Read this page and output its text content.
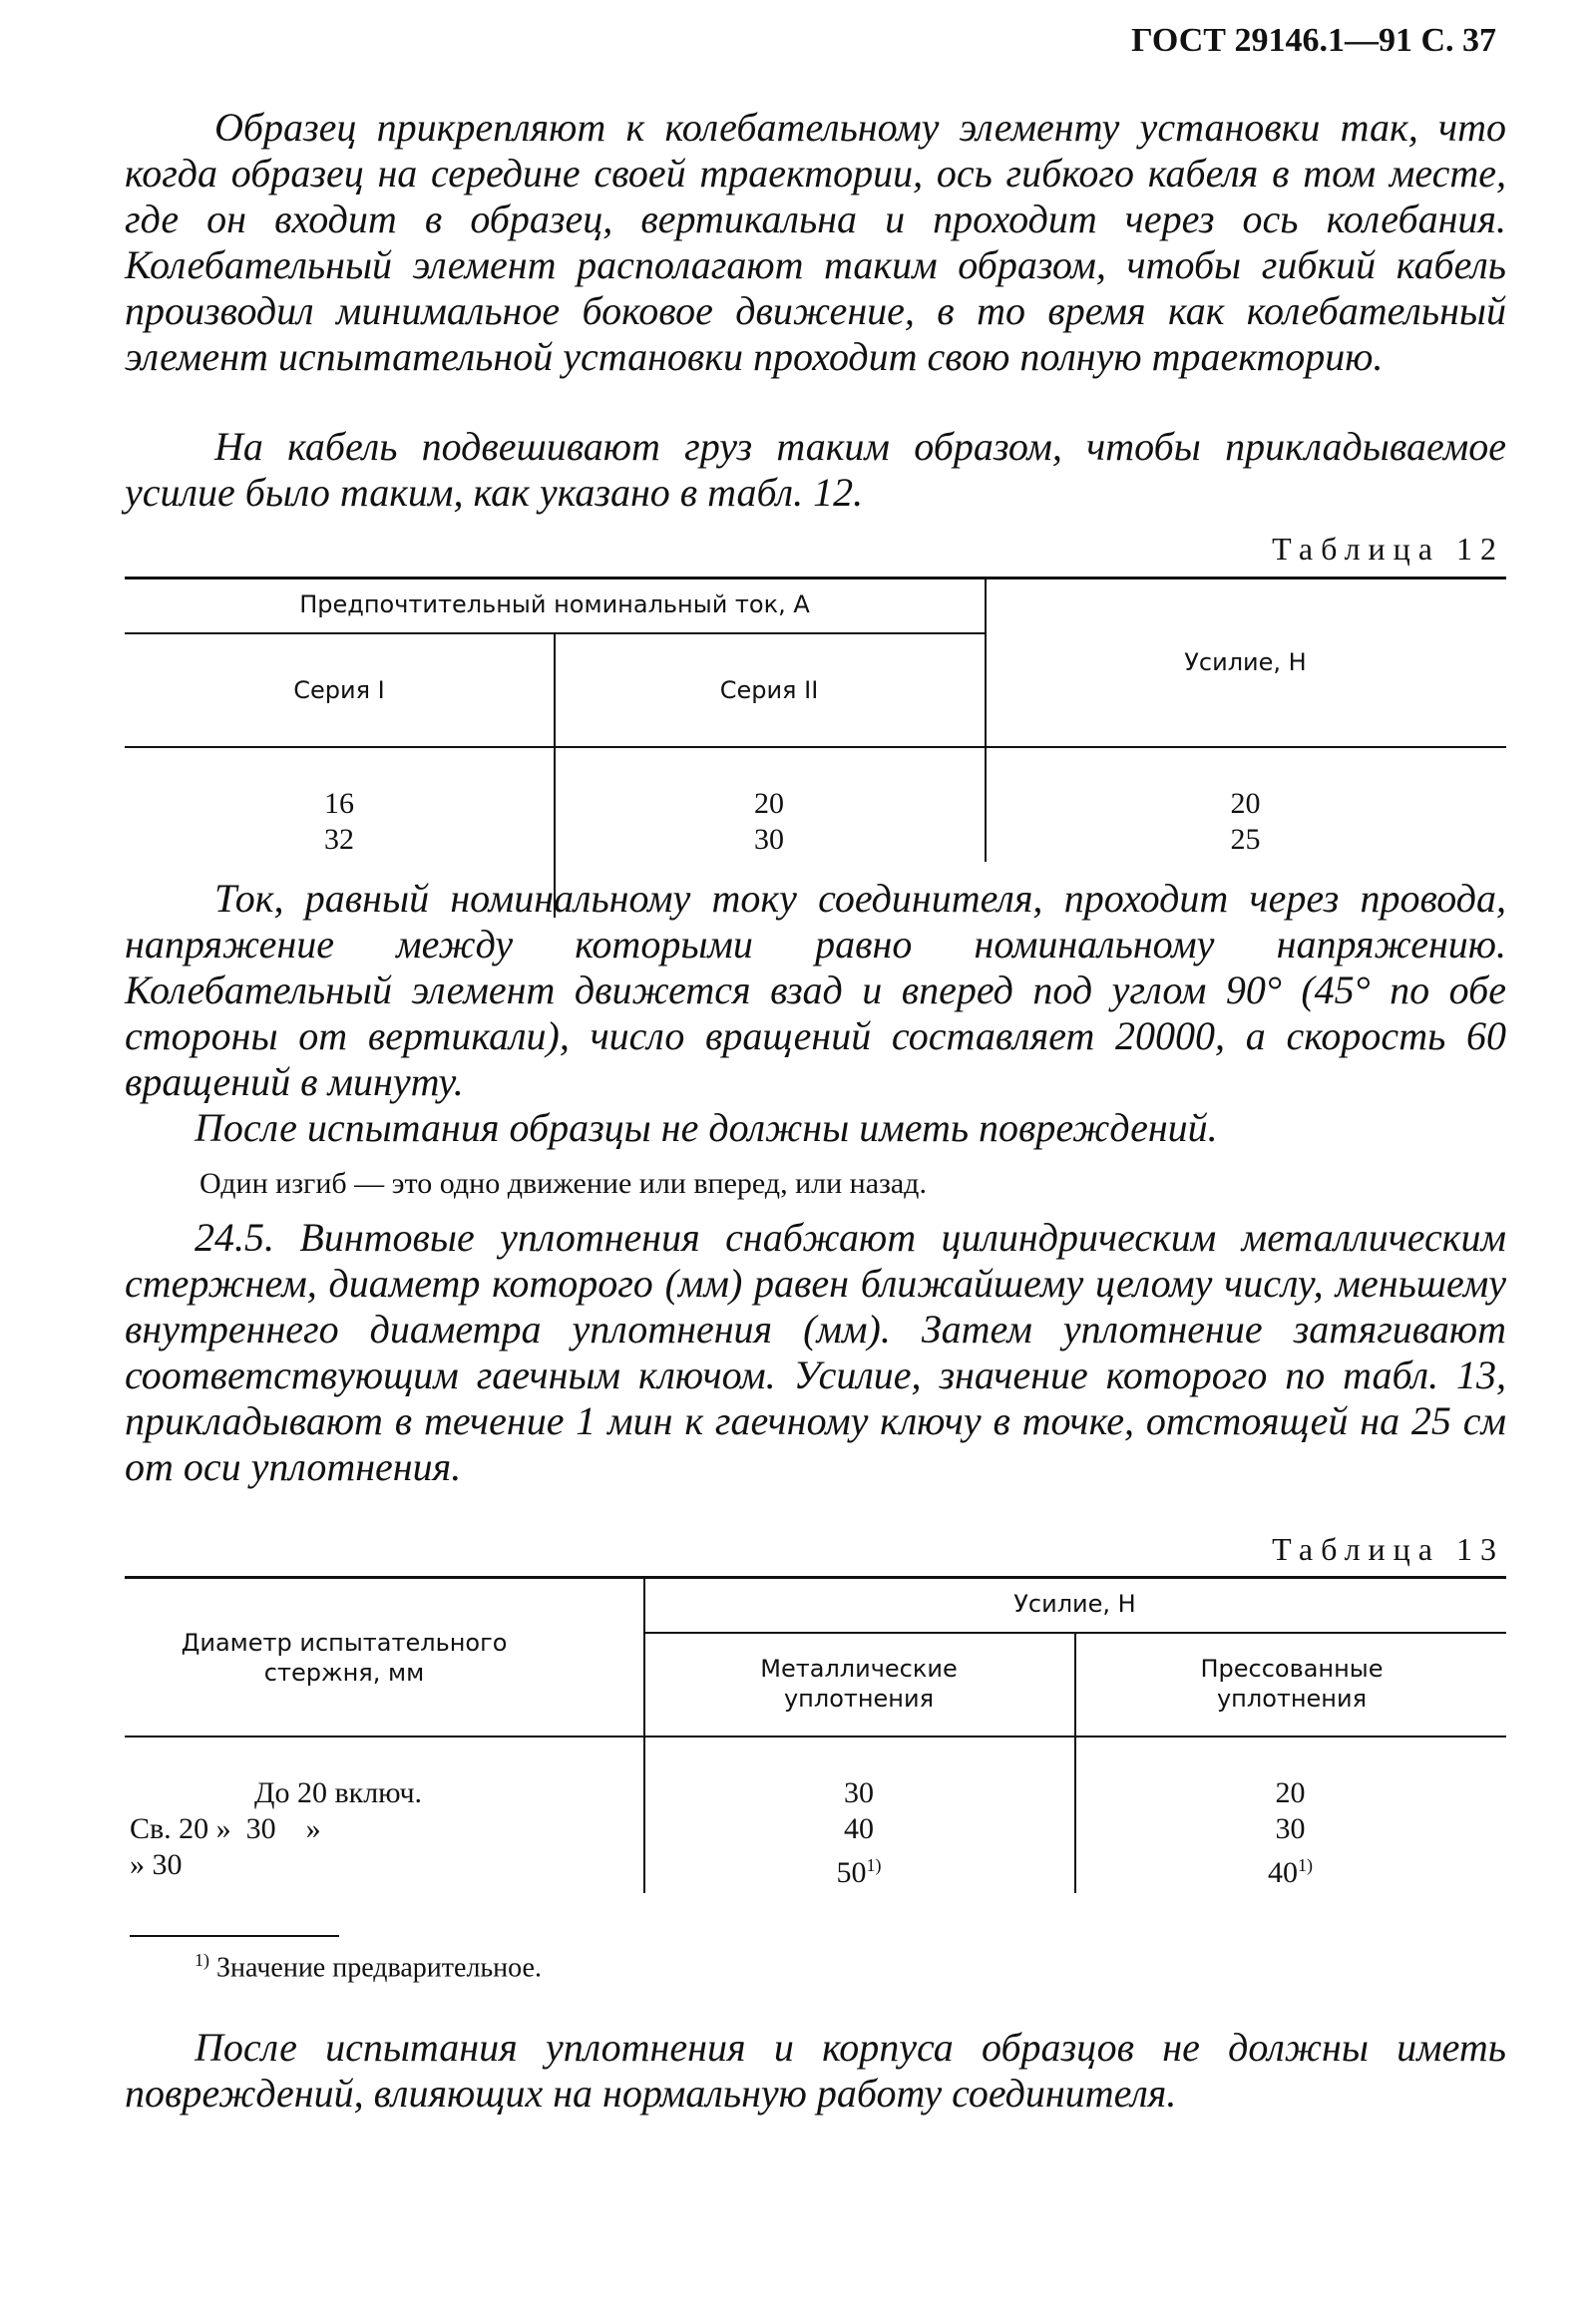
ГОСТ 29146.1—91 С. 37
Образец прикрепляют к колебательному элементу установки так, что когда образец на середине своей траектории, ось гибкого кабеля в том месте, где он входит в образец, вертикальна и проходит через ось колебания. Колебательный элемент располагают таким образом, чтобы гибкий кабель производил минимальное боковое движение, в то время как колебательный элемент испытательной установки проходит свою полную траекторию.
На кабель подвешивают груз таким образом, чтобы прикладываемое усилие было таким, как указано в табл. 12.
Таблица 12
Предпочтительный номинальный ток, А
Серия I	Серия II
Усилие, Н
16
32
20
30
20
25
Ток, равный номинальному току соединителя, проходит через провода, напряжение между которыми равно номинальному напряжению. Колебательный элемент движется взад и вперед под углом 90° (45° по обе стороны от вертикали), число вращений составляет 20000, а скорость 60 вращений в минуту.
После испытания образцы не должны иметь повреждений.
Один изгиб — это одно движение или вперед, или назад.
24.5. Винтовые уплотнения снабжают цилиндрическим металлическим стержнем, диаметр которого (мм) равен ближайшему целому числу, меньшему внутреннего диаметра уплотнения (мм). Затем уплотнение затягивают соответствующим гаечным ключом. Усилие, значение которого по табл. 13, прикладывают в течение 1 мин к гаечному ключу в точке, отстоящей на 25 см от оси уплотнения.
Таблица 13
Диаметр испытательного стержня, мм
Усилие, Н
Металлические уплотнения
Прессованные уплотнения
До 20 включ.
Св. 20 »  30    »
» 30
30
40
50$^{1)}$
20
30
40$^{1)}$
$^{1)}$ Значение предварительное.
После испытания уплотнения и корпуса образцов не должны иметь повреждений, влияющих на нормальную работу соединителя.
